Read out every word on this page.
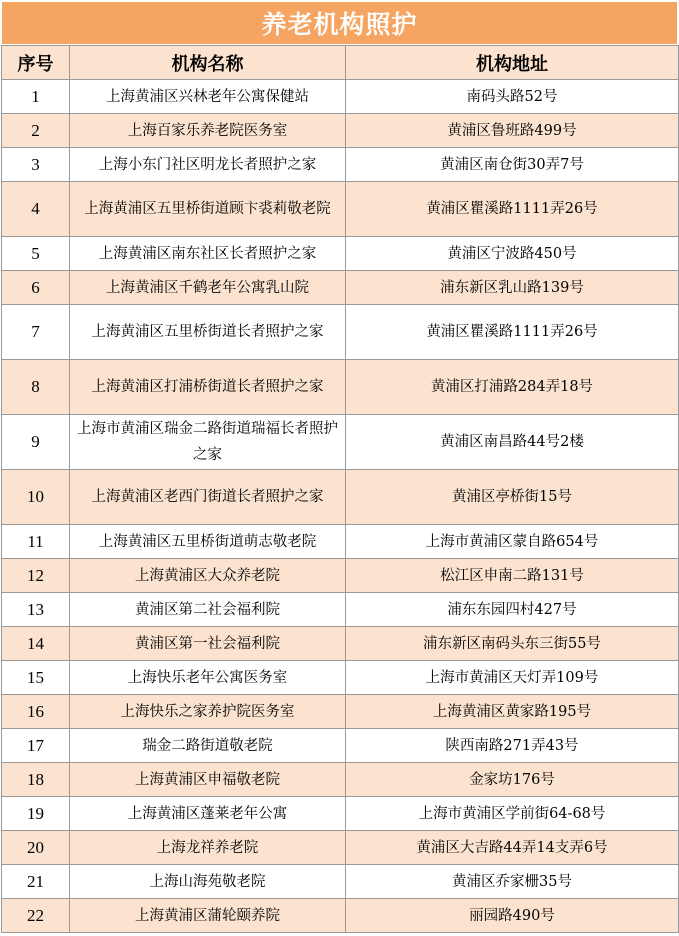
养老机构照护
序号	机构名称	机构地址
1	上海黄浦区兴林老年公寓保健站	南码头路52号
2	上海百家乐养老院医务室	黄浦区鲁班路499号
3	上海小东门社区明龙长者照护之家	黄浦区南仓街30弄7号
4	上海黄浦区五里桥街道顾卞裘莉敬老院	黄浦区瞿溪路1111弄26号
5	上海黄浦区南东社区长者照护之家	黄浦区宁波路450号
6	上海黄浦区千鹤老年公寓乳山院	浦东新区乳山路139号
7	上海黄浦区五里桥街道长者照护之家	黄浦区瞿溪路1111弄26号
8	上海黄浦区打浦桥街道长者照护之家	黄浦区打浦路284弄18号
9	上海市黄浦区瑞金二路街道瑞福长者照护之家	黄浦区南昌路44号2楼
10	上海黄浦区老西门街道长者照护之家	黄浦区亭桥街15号
11	上海黄浦区五里桥街道萌志敬老院	上海市黄浦区蒙自路654号
12	上海黄浦区大众养老院	松江区申南二路131号
13	黄浦区第二社会福利院	浦东东园四村427号
14	黄浦区第一社会福利院	浦东新区南码头东三街55号
15	上海快乐老年公寓医务室	上海市黄浦区天灯弄109号
16	上海快乐之家养护院医务室	上海黄浦区黄家路195号
17	瑞金二路街道敬老院	陕西南路271弄43号
18	上海黄浦区申福敬老院	金家坊176号
19	上海黄浦区蓬莱老年公寓	上海市黄浦区学前街64-68号
20	上海龙祥养老院	黄浦区大吉路44弄14支弄6号
21	上海山海苑敬老院	黄浦区乔家栅35号
22	上海黄浦区蒲轮颐养院	丽园路490号
